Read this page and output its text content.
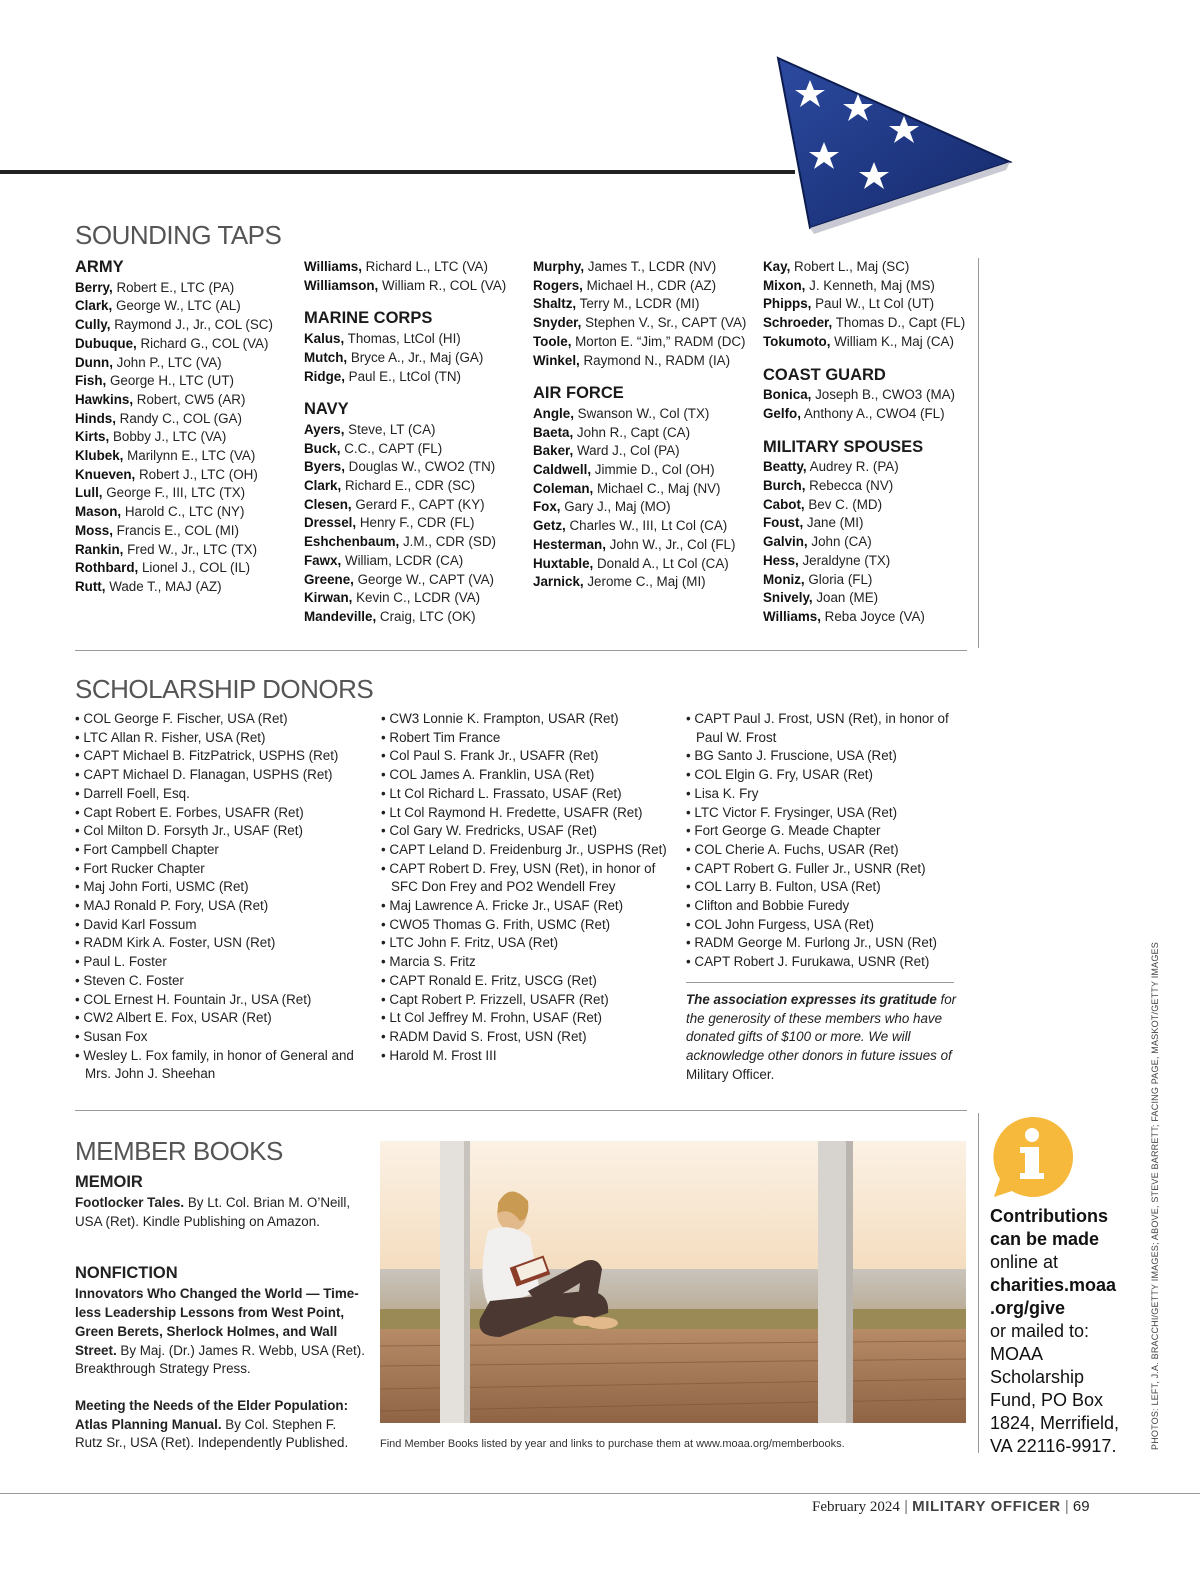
SOUNDING TAPS
ARMY

Berry, Robert E., LTC (PA)

Clark, George W., LTC (AL)

Cully, Raymond J., Jr., COL (SC)

Dubuque, Richard G., COL (VA)

Dunn, John P., LTC (VA)

Fish, George H., LTC (UT)

Hawkins, Robert, CW5 (AR)

Hinds, Randy C., COL (GA)

Kirts, Bobby J., LTC (VA)

Klubek, Marilynn E., LTC (VA)

Knueven, Robert J., LTC (OH)

Lull, George F., III, LTC (TX)

Mason, Harold C., LTC (NY)

Moss, Francis E., COL (MI)

Rankin, Fred W., Jr., LTC (TX)

Rothbard, Lionel J., COL (IL)

Rutt, Wade T., MAJ (AZ)

Williams, Richard L., LTC (VA)

Williamson, William R., COL (VA)

MARINE CORPS

Kalus, Thomas, LtCol (HI)

Mutch, Bryce A., Jr., Maj (GA)

Ridge, Paul E., LtCol (TN)

NAVY

Ayers, Steve, LT (CA)

Buck, C.C., CAPT (FL)

Byers, Douglas W., CWO2 (TN)

Clark, Richard E., CDR (SC)

Clesen, Gerard F., CAPT (KY)

Dressel, Henry F., CDR (FL)

Eshchenbaum, J.M., CDR (SD)

Fawx, William, LCDR (CA)

Greene, George W., CAPT (VA)

Kirwan, Kevin C., LCDR (VA)

Mandeville, Craig, LTC (OK)

Murphy, James T., LCDR (NV)

Rogers, Michael H., CDR (AZ)

Shaltz, Terry M., LCDR (MI)

Snyder, Stephen V., Sr., CAPT (VA)

Toole, Morton E. “Jim,” RADM (DC)

Winkel, Raymond N., RADM (IA)

AIR FORCE

Angle, Swanson W., Col (TX)

Baeta, John R., Capt (CA)

Baker, Ward J., Col (PA)

Caldwell, Jimmie D., Col (OH)

Coleman, Michael C., Maj (NV)

Fox, Gary J., Maj (MO)

Getz, Charles W., III, Lt Col (CA)

Hesterman, John W., Jr., Col (FL)

Huxtable, Donald A., Lt Col (CA)

Jarnick, Jerome C., Maj (MI)

Kay, Robert L., Maj (SC)

Mixon, J. Kenneth, Maj (MS)

Phipps, Paul W., Lt Col (UT)

Schroeder, Thomas D., Capt (FL)

Tokumoto, William K., Maj (CA)

COAST GUARD

Bonica, Joseph B., CWO3 (MA)

Gelfo, Anthony A., CWO4 (FL)

MILITARY SPOUSES

Beatty, Audrey R. (PA)

Burch, Rebecca (NV)

Cabot, Bev C. (MD)

Foust, Jane (MI)

Galvin, John (CA)

Hess, Jeraldyne (TX)

Moniz, Gloria (FL)

Snively, Joan (ME)

Williams, Reba Joyce (VA)

SCHOLARSHIP DONORS
• COL George F. Fischer, USA (Ret)
• LTC Allan R. Fisher, USA (Ret)
• CAPT Michael B. FitzPatrick, USPHS (Ret)
• CAPT Michael D. Flanagan, USPHS (Ret)
• Darrell Foell, Esq.
• Capt Robert E. Forbes, USAFR (Ret)
• Col Milton D. Forsyth Jr., USAF (Ret)
• Fort Campbell Chapter
• Fort Rucker Chapter
• Maj John Forti, USMC (Ret)
• MAJ Ronald P. Fory, USA (Ret)
• David Karl Fossum
• RADM Kirk A. Foster, USN (Ret)
• Paul L. Foster
• Steven C. Foster
• COL Ernest H. Fountain Jr., USA (Ret)
• CW2 Albert E. Fox, USAR (Ret)
• Susan Fox
• Wesley L. Fox family, in honor of General and Mrs. John J. Sheehan
• CW3 Lonnie K. Frampton, USAR (Ret)
• Robert Tim France
• Col Paul S. Frank Jr., USAFR (Ret)
• COL James A. Franklin, USA (Ret)
• Lt Col Richard L. Frassato, USAF (Ret)
• Lt Col Raymond H. Fredette, USAFR (Ret)
• Col Gary W. Fredricks, USAF (Ret)
• CAPT Leland D. Freidenburg Jr., USPHS (Ret)
• CAPT Robert D. Frey, USN (Ret), in honor of SFC Don Frey and PO2 Wendell Frey
• Maj Lawrence A. Fricke Jr., USAF (Ret)
• CWO5 Thomas G. Frith, USMC (Ret)
• LTC John F. Fritz, USA (Ret)
• Marcia S. Fritz
• CAPT Ronald E. Fritz, USCG (Ret)
• Capt Robert P. Frizzell, USAFR (Ret)
• Lt Col Jeffrey M. Frohn, USAF (Ret)
• RADM David S. Frost, USN (Ret)
• Harold M. Frost III
• CAPT Paul J. Frost, USN (Ret), in honor of Paul W. Frost
• BG Santo J. Fruscione, USA (Ret)
• COL Elgin G. Fry, USAR (Ret)
• Lisa K. Fry
• LTC Victor F. Frysinger, USA (Ret)
• Fort George G. Meade Chapter
• COL Cherie A. Fuchs, USAR (Ret)
• CAPT Robert G. Fuller Jr., USNR (Ret)
• COL Larry B. Fulton, USA (Ret)
• Clifton and Bobbie Furedy
• COL John Furgess, USA (Ret)
• RADM George M. Furlong Jr., USN (Ret)
• CAPT Robert J. Furukawa, USNR (Ret)
The association expresses its gratitude for the generosity of these members who have donated gifts of $100 or more. We will acknowledge other donors in future issues of Military Officer.
MEMBER BOOKS
MEMOIR

Footlocker Tales. By Lt. Col. Brian M. O’Neill, USA (Ret). Kindle Publishing on Amazon.

NONFICTION

Innovators Who Changed the World — Time-less Leadership Lessons from West Point, Green Berets, Sherlock Holmes, and Wall Street. By Maj. (Dr.) James R. Webb, USA (Ret). Breakthrough Strategy Press.

Meeting the Needs of the Elder Population: Atlas Planning Manual. By Col. Stephen F. Rutz Sr., USA (Ret). Independently Published.	Find Member Books listed by year and links to purchase them at www.moaa.org/memberbooks.
Contributions can be made
online at
charities.moaa .org/give
or mailed to: MOAA Scholarship Fund, PO Box 1824, Merrifield, VA 22116-9917.	PHOTOS: LEFT, J.A. BRACCHI/GETTY IMAGES; ABOVE, STEVE BARRETT; FACING PAGE, MASKOT/GETTY IMAGES
February 2024 | MILITARY OFFICER | 69
